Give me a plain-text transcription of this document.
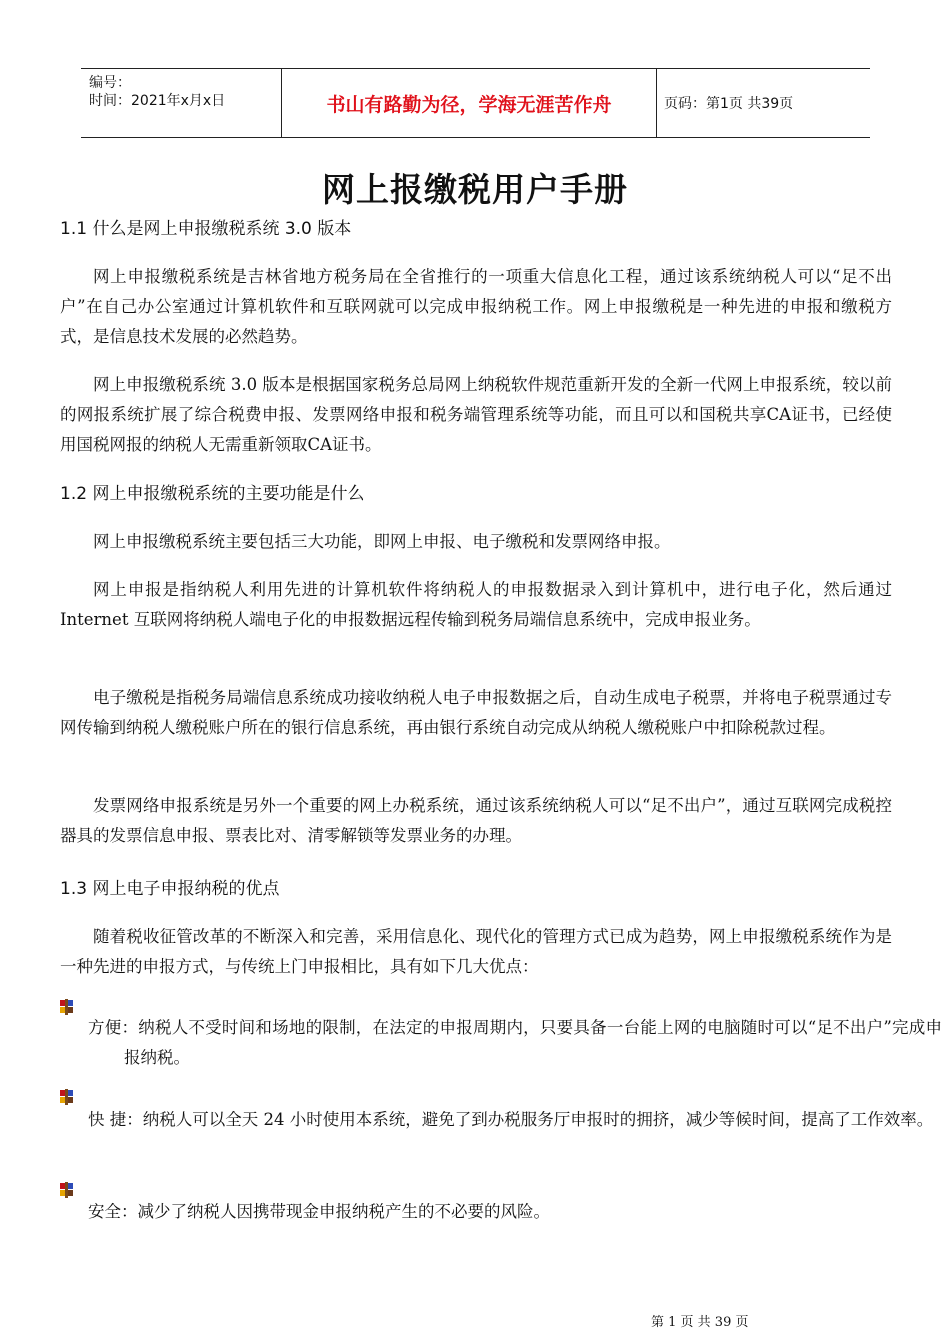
编号：
时间：2021年x月x日	书山有路勤为径，学海无涯苦作舟	页码：第1页 共39页
网上报缴税用户手册
1.1 什么是网上申报缴税系统 3.0 版本

网上申报缴税系统是吉林省地方税务局在全省推行的一项重大信息化工程，通过该系统纳税人可以“足不出户”在自己办公室通过计算机软件和互联网就可以完成申报纳税工作。网上申报缴税是一种先进的申报和缴税方式，是信息技术发展的必然趋势。

网上申报缴税系统 3.0 版本是根据国家税务总局网上纳税软件规范重新开发的全新一代网上申报系统，较以前的网报系统扩展了综合税费申报、发票网络申报和税务端管理系统等功能，而且可以和国税共享CA证书，已经使用国税网报的纳税人无需重新领取CA证书。

1.2 网上申报缴税系统的主要功能是什么

网上申报缴税系统主要包括三大功能，即网上申报、电子缴税和发票网络申报。

网上申报是指纳税人利用先进的计算机软件将纳税人的申报数据录入到计算机中，进行电子化，然后通过 Internet 互联网将纳税人端电子化的申报数据远程传输到税务局端信息系统中，完成申报业务。

电子缴税是指税务局端信息系统成功接收纳税人电子申报数据之后，自动生成电子税票，并将电子税票通过专网传输到纳税人缴税账户所在的银行信息系统，再由银行系统自动完成从纳税人缴税账户中扣除税款过程。

发票网络申报系统是另外一个重要的网上办税系统，通过该系统纳税人可以“足不出户”，通过互联网完成税控器具的发票信息申报、票表比对、清零解锁等发票业务的办理。

1.3 网上电子申报纳税的优点

随着税收征管改革的不断深入和完善，采用信息化、现代化的管理方式已成为趋势，网上申报缴税系统作为是一种先进的申报方式，与传统上门申报相比，具有如下几大优点：

方便：纳税人不受时间和场地的限制，在法定的申报周期内，只要具备一台能上网的电脑随时可以“足不出户”完成申报纳税。

快 捷：纳税人可以全天 24 小时使用本系统，避免了到办税服务厅申报时的拥挤，减少等候时间，提高了工作效率。

安全：减少了纳税人因携带现金申报纳税产生的不必要的风险。

第 1 页 共 39 页
